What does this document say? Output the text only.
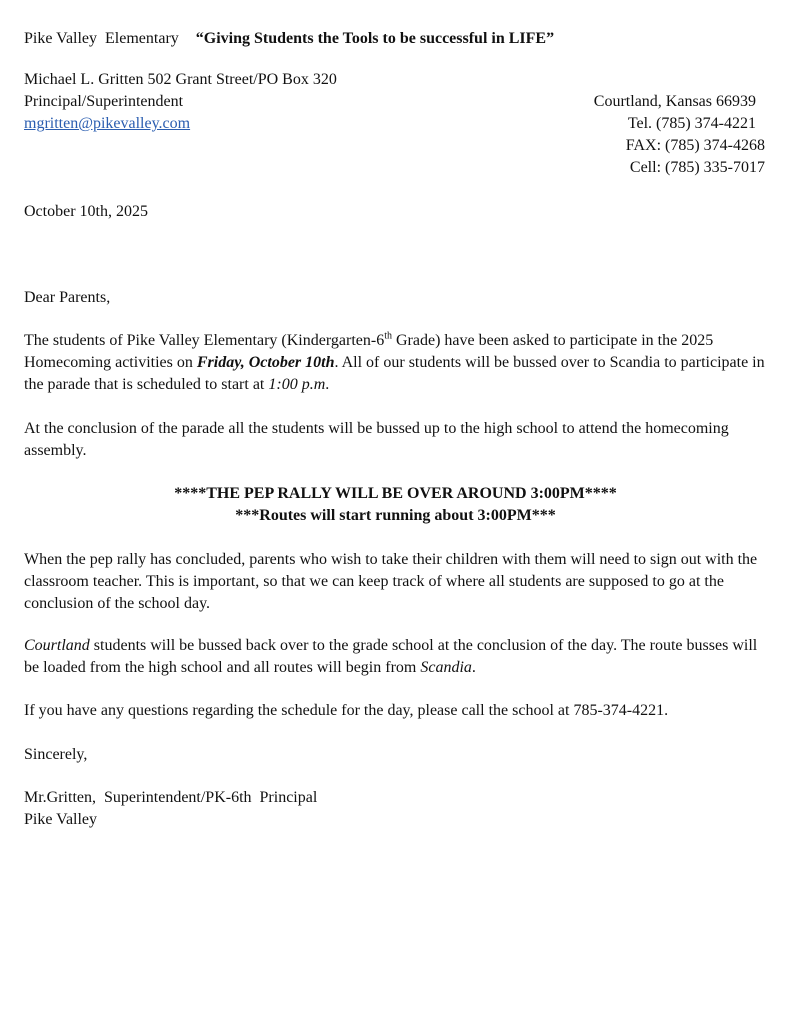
Pike Valley  Elementary “Giving Students the Tools to be successful in LIFE”
Michael L. Gritten 502 Grant Street/PO Box 320
Principal/Superintendent
mgritten@pikevalley.com
Courtland, Kansas 66939
Tel. (785) 374-4221
FAX: (785) 374-4268
Cell: (785) 335-7017
October 10th, 2025
Dear Parents,
The students of Pike Valley Elementary (Kindergarten-6th Grade) have been asked to participate in the 2025 Homecoming activities on Friday, October 10th. All of our students will be bussed over to Scandia to participate in the parade that is scheduled to start at 1:00 p.m.
At the conclusion of the parade all the students will be bussed up to the high school to attend the homecoming assembly.
****THE PEP RALLY WILL BE OVER AROUND 3:00PM****
***Routes will start running about 3:00PM***
When the pep rally has concluded, parents who wish to take their children with them will need to sign out with the classroom teacher. This is important, so that we can keep track of where all students are supposed to go at the conclusion of the school day.
Courtland students will be bussed back over to the grade school at the conclusion of the day. The route busses will be loaded from the high school and all routes will begin from Scandia.
If you have any questions regarding the schedule for the day, please call the school at 785-374-4221.
Sincerely,
Mr.Gritten,  Superintendent/PK-6th  Principal
Pike Valley
